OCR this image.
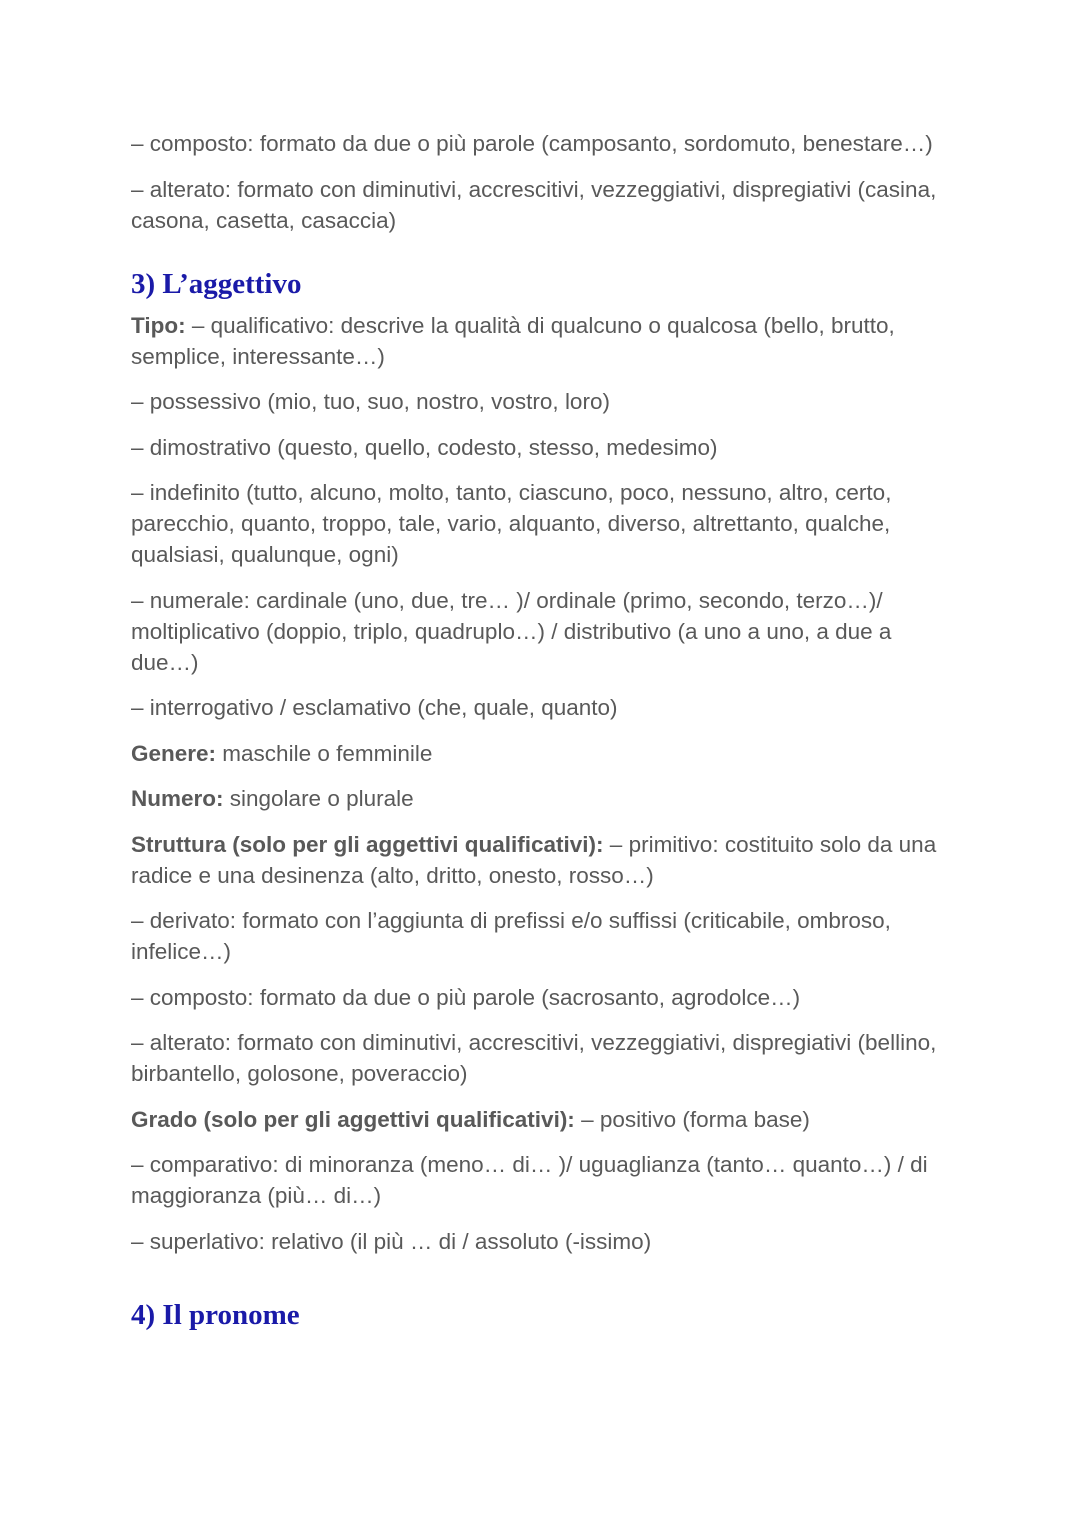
– composto: formato da due o più parole (camposanto, sordomuto, benestare…)

– alterato: formato con diminutivi, accrescitivi, vezzeggiativi, dispregiativi (casina, casona, casetta, casaccia)

3) L’aggettivo

Tipo: – qualificativo: descrive la qualità di qualcuno o qualcosa (bello, brutto, semplice, interessante…)

– possessivo (mio, tuo, suo, nostro, vostro, loro)

– dimostrativo (questo, quello, codesto, stesso, medesimo)

– indefinito (tutto, alcuno, molto, tanto, ciascuno, poco, nessuno, altro, certo, parecchio, quanto, troppo, tale, vario, alquanto, diverso, altrettanto, qualche, qualsiasi, qualunque, ogni)

– numerale: cardinale (uno, due, tre… )/ ordinale (primo, secondo, terzo…)/ moltiplicativo (doppio, triplo, quadruplo…) / distributivo (a uno a uno, a due a due…)

– interrogativo / esclamativo (che, quale, quanto)

Genere: maschile o femminile

Numero: singolare o plurale

Struttura (solo per gli aggettivi qualificativi): – primitivo: costituito solo da una radice e una desinenza (alto, dritto, onesto, rosso…)

– derivato: formato con l’aggiunta di prefissi e/o suffissi (criticabile, ombroso, infelice…)

– composto: formato da due o più parole (sacrosanto, agrodolce…)

– alterato: formato con diminutivi, accrescitivi, vezzeggiativi, dispregiativi (bellino, birbantello, golosone, poveraccio)

Grado (solo per gli aggettivi qualificativi): – positivo (forma base)

– comparativo: di minoranza (meno… di… )/ uguaglianza (tanto… quanto…) / di maggioranza (più… di…)

– superlativo: relativo (il più … di / assoluto (-issimo)

4) Il pronome
